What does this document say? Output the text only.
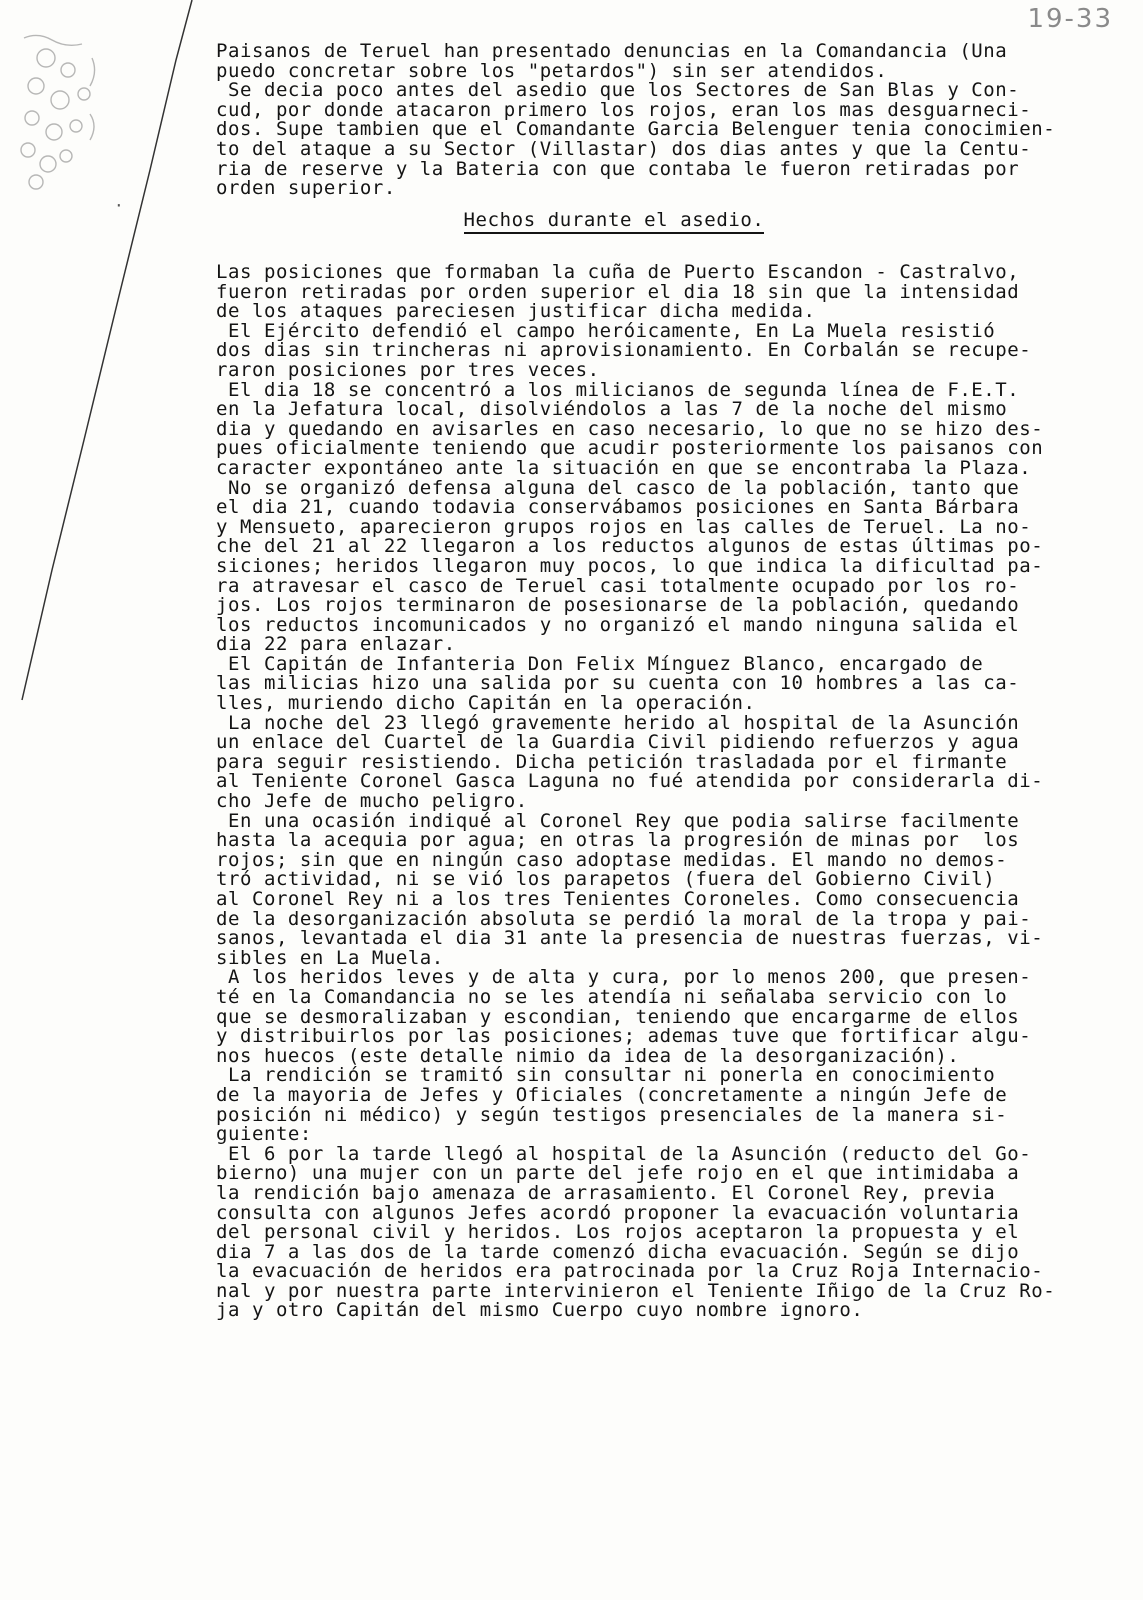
19-33
·
Paisanos de Teruel han presentado denuncias en la Comandancia (Una
puedo concretar sobre los "petardos") sin ser atendidos.
Se decia poco antes del asedio que los Sectores de San Blas y Con-
cud, por donde atacaron primero los rojos, eran los mas desguarneci-
dos. Supe tambien que el Comandante Garcia Belenguer tenia conocimien-
to del ataque a su Sector (Villastar) dos dias antes y que la Centu-
ria de reserve y la Bateria con que contaba le fueron retiradas por
orden superior.
Hechos durante el asedio.
Las posiciones que formaban la cuña de Puerto Escandon - Castralvo,
fueron retiradas por orden superior el dia 18 sin que la intensidad
de los ataques pareciesen justificar dicha medida.
El Ejército defendió el campo heróicamente, En La Muela resistió
dos dias sin trincheras ni aprovisionamiento. En Corbalán se recupe-
raron posiciones por tres veces.
El dia 18 se concentró a los milicianos de segunda línea de F.E.T.
en la Jefatura local, disolviéndolos a las 7 de la noche del mismo
dia y quedando en avisarles en caso necesario, lo que no se hizo des-
pues oficialmente teniendo que acudir posteriormente los paisanos con
caracter expontáneo ante la situación en que se encontraba la Plaza.
No se organizó defensa alguna del casco de la población, tanto que
el dia 21, cuando todavia conservábamos posiciones en Santa Bárbara
y Mensueto, aparecieron grupos rojos en las calles de Teruel. La no-
che del 21 al 22 llegaron a los reductos algunos de estas últimas po-
siciones; heridos llegaron muy pocos, lo que indica la dificultad pa-
ra atravesar el casco de Teruel casi totalmente ocupado por los ro-
jos. Los rojos terminaron de posesionarse de la población, quedando
los reductos incomunicados y no organizó el mando ninguna salida el
dia 22 para enlazar.
El Capitán de Infanteria Don Felix Mínguez Blanco, encargado de
las milicias hizo una salida por su cuenta con 10 hombres a las ca-
lles, muriendo dicho Capitán en la operación.
La noche del 23 llegó gravemente herido al hospital de la Asunción
un enlace del Cuartel de la Guardia Civil pidiendo refuerzos y agua
para seguir resistiendo. Dicha petición trasladada por el firmante
al Teniente Coronel Gasca Laguna no fué atendida por considerarla di-
cho Jefe de mucho peligro.
En una ocasión indiqué al Coronel Rey que podia salirse facilmente
hasta la acequia por agua; en otras la progresión de minas por  los
rojos; sin que en ningún caso adoptase medidas. El mando no demos-
tró actividad, ni se vió los parapetos (fuera del Gobierno Civil)
al Coronel Rey ni a los tres Tenientes Coroneles. Como consecuencia
de la desorganización absoluta se perdió la moral de la tropa y pai-
sanos, levantada el dia 31 ante la presencia de nuestras fuerzas, vi-
sibles en La Muela.
A los heridos leves y de alta y cura, por lo menos 200, que presen-
té en la Comandancia no se les atendía ni señalaba servicio con lo
que se desmoralizaban y escondian, teniendo que encargarme de ellos
y distribuirlos por las posiciones; ademas tuve que fortificar algu-
nos huecos (este detalle nimio da idea de la desorganización).
La rendición se tramitó sin consultar ni ponerla en conocimiento
de la mayoria de Jefes y Oficiales (concretamente a ningún Jefe de
posición ni médico) y según testigos presenciales de la manera si-
guiente:
El 6 por la tarde llegó al hospital de la Asunción (reducto del Go-
bierno) una mujer con un parte del jefe rojo en el que intimidaba a
la rendición bajo amenaza de arrasamiento. El Coronel Rey, previa
consulta con algunos Jefes acordó proponer la evacuación voluntaria
del personal civil y heridos. Los rojos aceptaron la propuesta y el
dia 7 a las dos de la tarde comenzó dicha evacuación. Según se dijo
la evacuación de heridos era patrocinada por la Cruz Roja Internacio-
nal y por nuestra parte intervinieron el Teniente Iñigo de la Cruz Ro-
ja y otro Capitán del mismo Cuerpo cuyo nombre ignoro.
